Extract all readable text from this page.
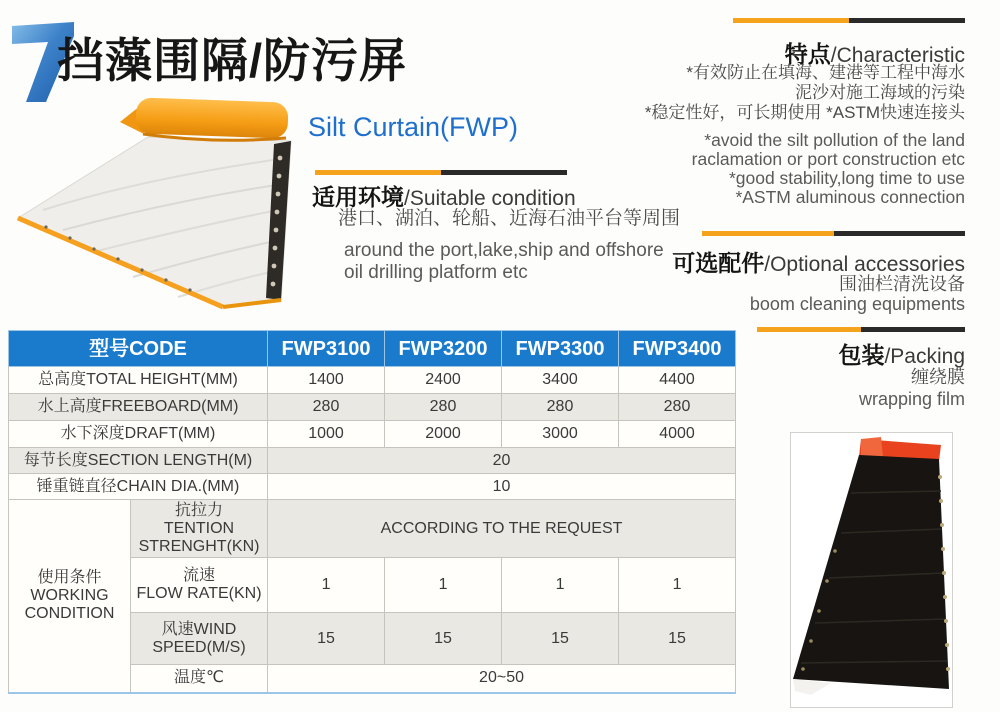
挡藻围隔/防污屏
Silt Curtain(FWP)
适用环境/Suitable condition
港口、湖泊、轮船、近海石油平台等周围
around the port,lake,ship and offshore
oil drilling platform etc
特点/Characteristic
*有效防止在填海、建港等工程中海水
泥沙对施工海域的污染
*稳定性好，可长期使用 *ASTM快速连接头
*avoid the silt pollution of the land
raclamation or port construction etc
*good stability,long time to use
*ASTM aluminous connection
可选配件/Optional accessories
围油栏清洗设备
boom cleaning equipments
包装/Packing
缠绕膜
wrapping film
型号CODE		FWP3100	FWP3200	FWP3300	FWP3400
总高度TOTAL HEIGHT(MM)		1400	2400	3400	4400
水上高度FREEBOARD(MM)		280	280	280	280
水下深度DRAFT(MM)		1000	2000	3000	4000
每节长度SECTION LENGTH(M)		20			
锤重链直径CHAIN DIA.(MM)		10			

使用条件
WORKING
CONDITION

抗拉力
TENTION
STRENGHT(KN)
	ACCORDING TO THE REQUEST

	流速
FLOW RATE(KN)	1	1	1	1

	风速WIND
SPEED(M/S)	15	15	15	15
	温度℃	20~50			
